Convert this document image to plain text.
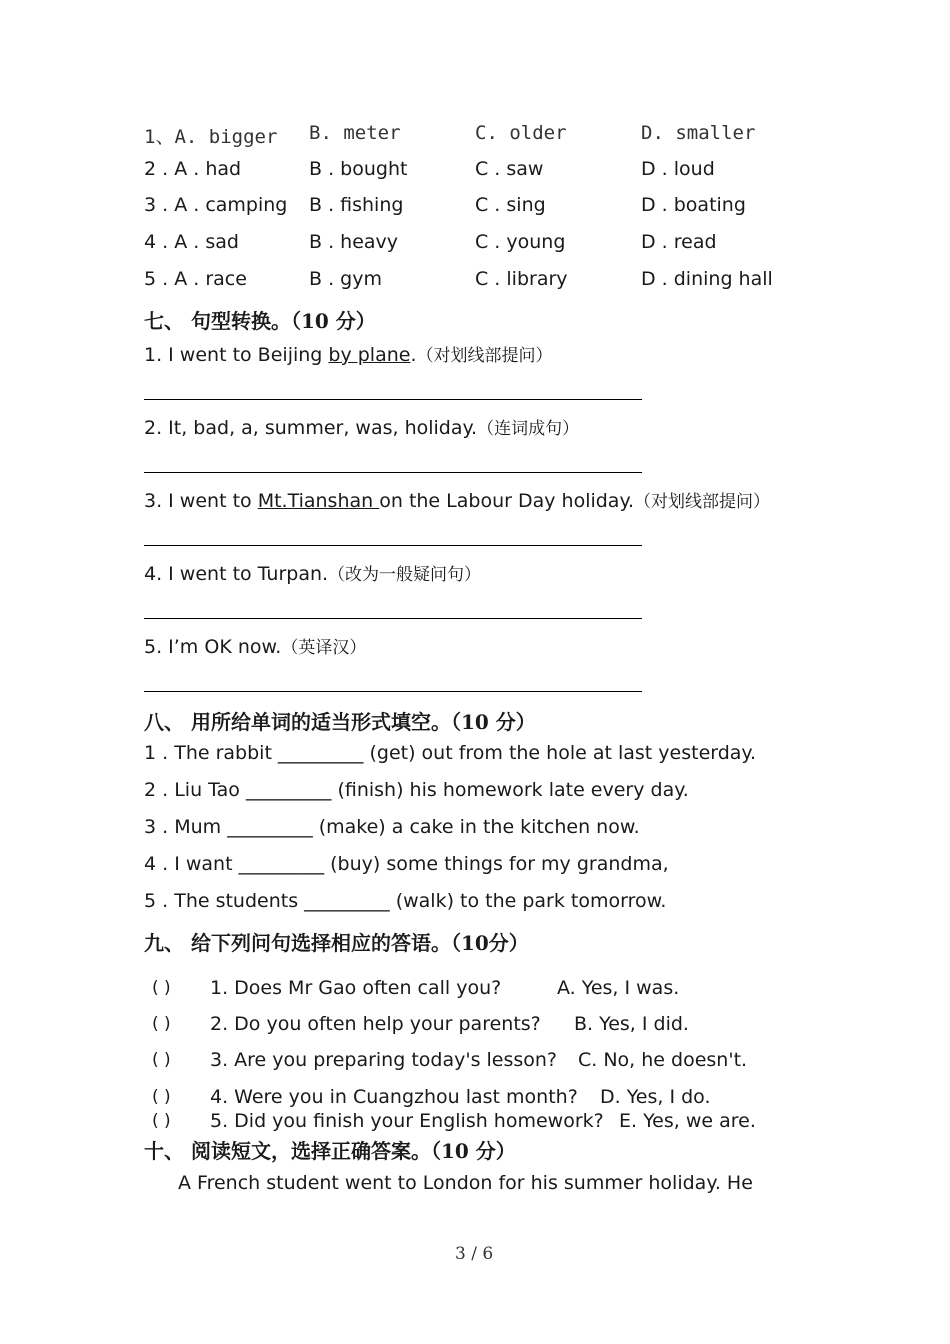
1、A. bigger B. meter	C. older	D. smaller
2 . A . had	B . bought	C . saw	D . loud
3 . A . camping B . fishing	C . sing	D . boating
4 . A . sad	B . heavy	C . young	D . read
5 . A . race	B . gym	C . library	D . dining hall
七、 句型转换。（10 分）
1. I went to Beijing by plane.（对划线部提问）
2. It, bad, a, summer, was, holiday.（连词成句）
3. I went to Mt.Tianshan on the Labour Day holiday.（对划线部提问）
4. I went to Turpan.（改为一般疑问句）
5. I’m OK now.（英译汉）
八、 用所给单词的适当形式填空。（10 分）
1 . The rabbit _________ (get) out from the hole at last yesterday.
2 . Liu Tao _________ (finish) his homework late every day.
3 . Mum _________ (make) a cake in the kitchen now.
4 . I want _________ (buy) some things for my grandma,
5 . The students _________ (walk) to the park tomorrow.
九、 给下列问句选择相应的答语。（10分）
( ) 1. Does Mr Gao often call you?	A. Yes, I was.
( ) 2. Do you often help your parents? B. Yes, I did.
( ) 3. Are you preparing today's lesson? C. No, he doesn't.
( ) 4. Were you in Cuangzhou last month? D. Yes, I do.
( ) 5. Did you finish your English homework? E. Yes, we are.
十、 阅读短文，选择正确答案。（10 分）
A French student went to London for his summer holiday. He
3 / 6
